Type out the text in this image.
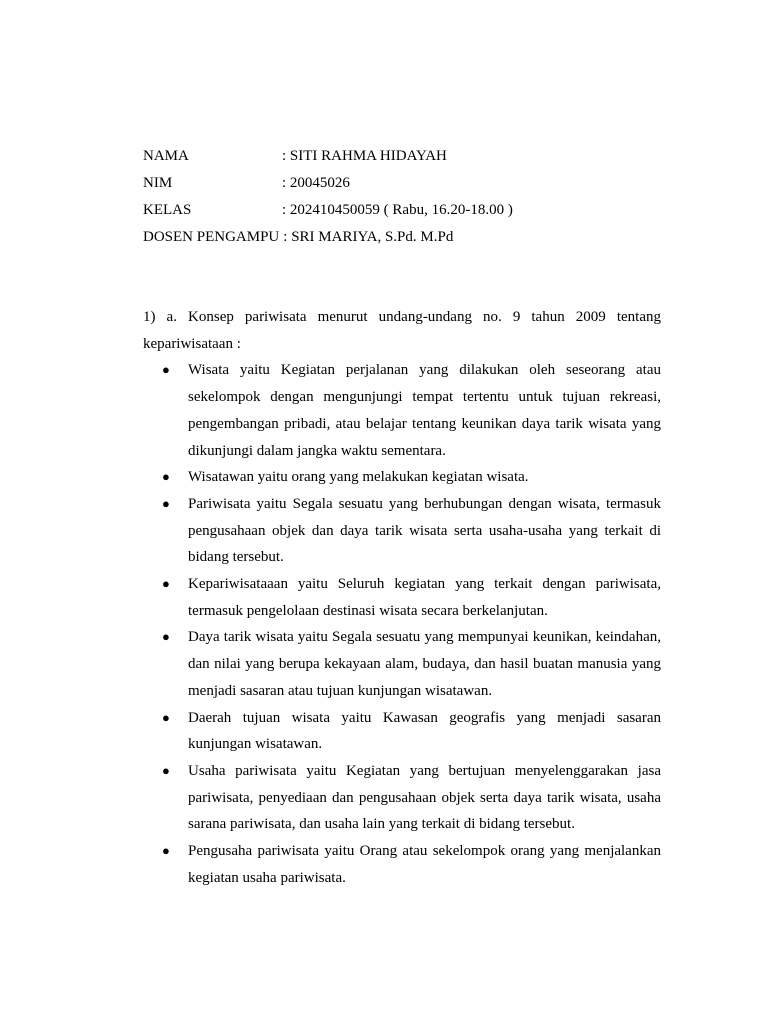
NAMA	: SITI RAHMA HIDAYAH
NIM	: 20045026
KELAS	: 202410450059 ( Rabu, 16.20-18.00 )
DOSEN PENGAMPU : SRI MARIYA, S.Pd. M.Pd

1) a. Konsep pariwisata menurut undang-undang no. 9 tahun 2009 tentang kepariwisataan :

● Wisata yaitu Kegiatan perjalanan yang dilakukan oleh seseorang atau sekelompok dengan mengunjungi tempat tertentu untuk tujuan rekreasi, pengembangan pribadi, atau belajar tentang keunikan daya tarik wisata yang dikunjungi dalam jangka waktu sementara.
● Wisatawan yaitu orang yang melakukan kegiatan wisata.
● Pariwisata yaitu Segala sesuatu yang berhubungan dengan wisata, termasuk pengusahaan objek dan daya tarik wisata serta usaha-usaha yang terkait di bidang tersebut.
● Kepariwisataaan yaitu Seluruh kegiatan yang terkait dengan pariwisata, termasuk pengelolaan destinasi wisata secara berkelanjutan.
● Daya tarik wisata yaitu Segala sesuatu yang mempunyai keunikan, keindahan, dan nilai yang berupa kekayaan alam, budaya, dan hasil buatan manusia yang menjadi sasaran atau tujuan kunjungan wisatawan.
● Daerah tujuan wisata yaitu Kawasan geografis yang menjadi sasaran kunjungan wisatawan.
● Usaha pariwisata yaitu Kegiatan yang bertujuan menyelenggarakan jasa pariwisata, penyediaan dan pengusahaan objek serta daya tarik wisata, usaha sarana pariwisata, dan usaha lain yang terkait di bidang tersebut.
● Pengusaha pariwisata yaitu Orang atau sekelompok orang yang menjalankan kegiatan usaha pariwisata.
